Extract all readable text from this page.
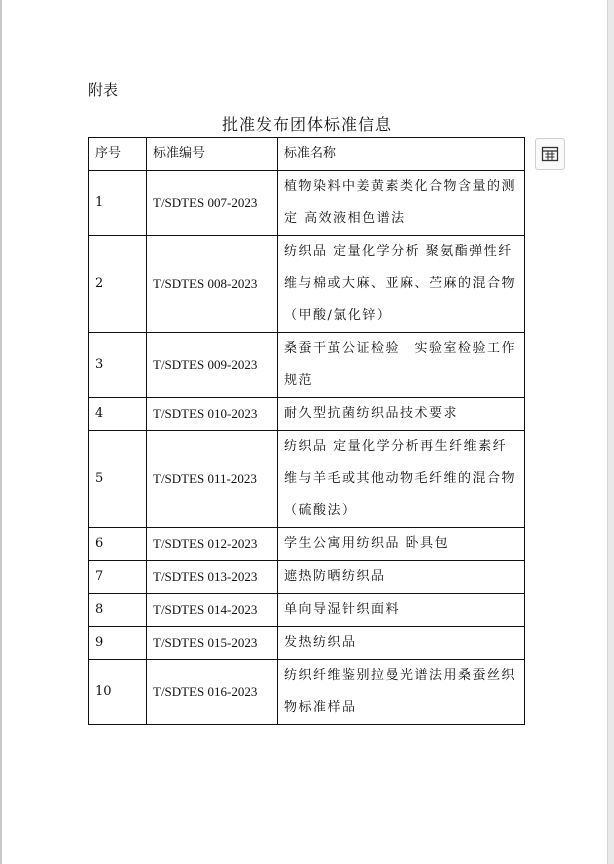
附表
批准发布团体标准信息
序号	标准编号	标准名称
1	T/SDTES 007-2023	植物染料中姜黄素类化合物含量的测定 高效液相色谱法
2	T/SDTES 008-2023	纺织品 定量化学分析 聚氨酯弹性纤维与棉或大麻、亚麻、苎麻的混合物（甲酸/氯化锌）
3	T/SDTES 009-2023	桑蚕干茧公证检验　实验室检验工作规范
4	T/SDTES 010-2023	耐久型抗菌纺织品技术要求
5	T/SDTES 011-2023	纺织品 定量化学分析再生纤维素纤维与羊毛或其他动物毛纤维的混合物（硫酸法）
6	T/SDTES 012-2023	学生公寓用纺织品 卧具包
7	T/SDTES 013-2023	遮热防晒纺织品
8	T/SDTES 014-2023	单向导湿针织面料
9	T/SDTES 015-2023	发热纺织品
10	T/SDTES 016-2023	纺织纤维鉴别拉曼光谱法用桑蚕丝织物标准样品
